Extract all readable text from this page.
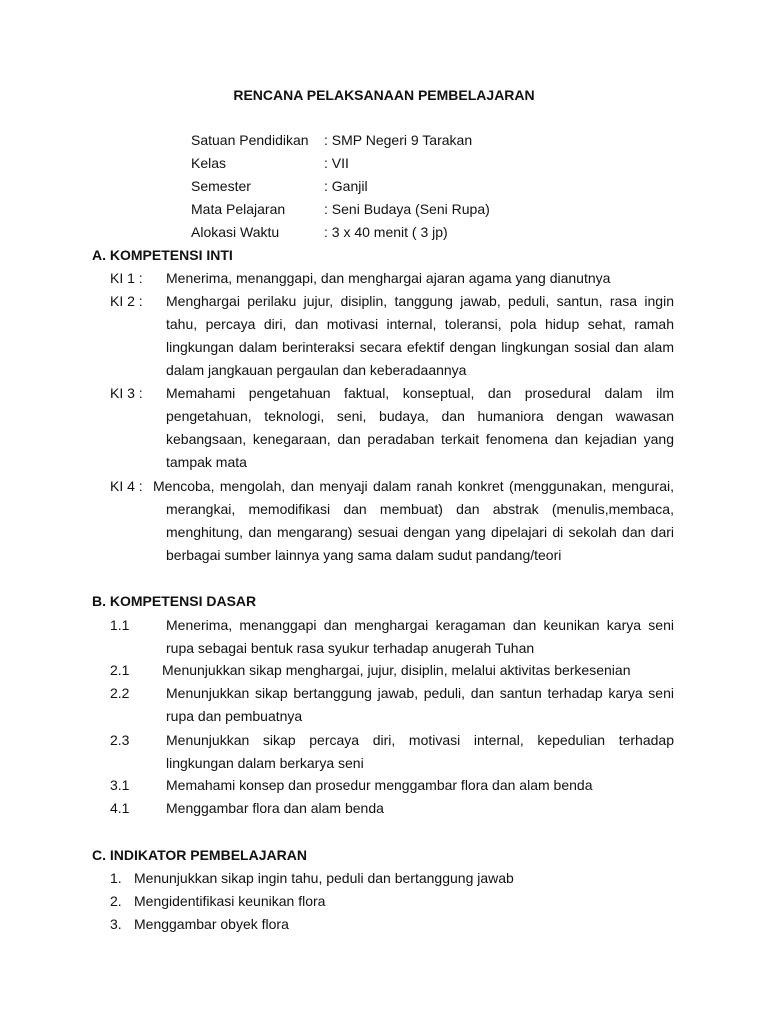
RENCANA PELAKSANAAN PEMBELAJARAN
Satuan Pendidikan : SMP Negeri 9 Tarakan
Kelas	: VII
Semester	: Ganjil
Mata Pelajaran	: Seni Budaya (Seni Rupa)
Alokasi Waktu	: 3 x 40 menit ( 3 jp)
A. KOMPETENSI INTI
KI 1 : Menerima, menanggapi, dan menghargai ajaran agama yang dianutnya
KI 2 : Menghargai perilaku jujur, disiplin, tanggung jawab, peduli, santun, rasa ingin
tahu, percaya diri, dan motivasi internal, toleransi, pola hidup sehat, ramah
lingkungan dalam berinteraksi secara efektif dengan lingkungan sosial dan alam
dalam jangkauan pergaulan dan keberadaannya
KI 3 : Memahami pengetahuan faktual, konseptual, dan prosedural dalam ilm
pengetahuan, teknologi, seni, budaya, dan humaniora dengan wawasan
kebangsaan, kenegaraan, dan peradaban terkait fenomena dan kejadian yang
tampak mata
KI 4 : Mencoba, mengolah, dan menyaji dalam ranah konkret (menggunakan, mengurai,
merangkai, memodifikasi dan membuat) dan abstrak (menulis,membaca,
menghitung, dan mengarang) sesuai dengan yang dipelajari di sekolah dan dari
berbagai sumber lainnya yang sama dalam sudut pandang/teori
B. KOMPETENSI DASAR
1.1	Menerima, menanggapi dan menghargai keragaman dan keunikan karya seni
rupa sebagai bentuk rasa syukur terhadap anugerah Tuhan
2.1 Menunjukkan sikap menghargai, jujur, disiplin, melalui aktivitas berkesenian
2.2	Menunjukkan sikap bertanggung jawab, peduli, dan santun terhadap karya seni
rupa dan pembuatnya
2.3	Menunjukkan sikap percaya diri, motivasi internal, kepedulian terhadap
lingkungan dalam berkarya seni
3.1	Memahami konsep dan prosedur menggambar flora dan alam benda
4.1	Menggambar flora dan alam benda
C. INDIKATOR PEMBELAJARAN
1. Menunjukkan sikap ingin tahu, peduli dan bertanggung jawab
2. Mengidentifikasi keunikan flora
3. Menggambar obyek flora
